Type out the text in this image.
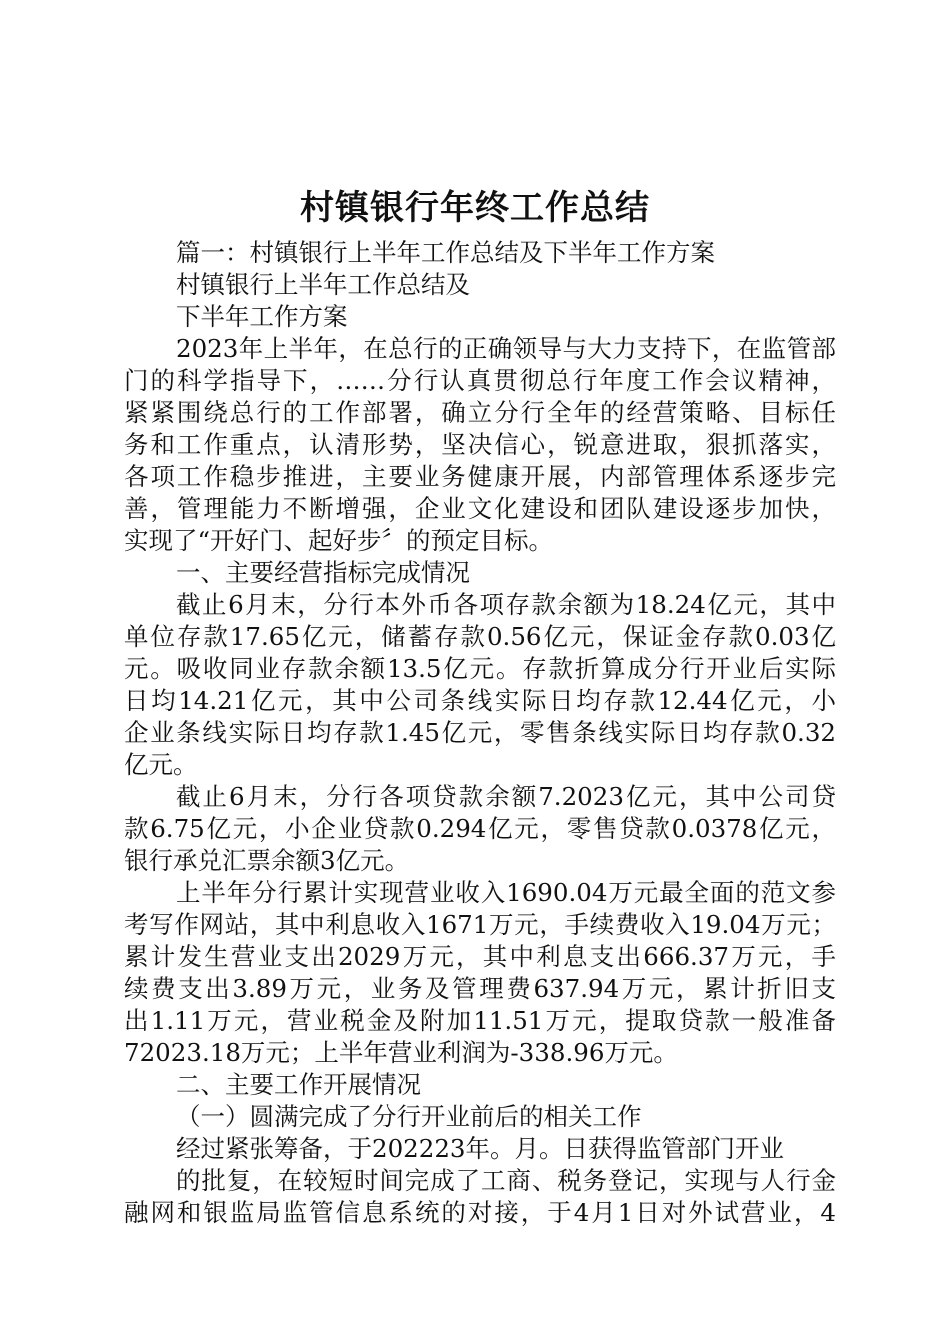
村镇银行年终工作总结
篇一：村镇银行上半年工作总结及下半年工作方案
村镇银行上半年工作总结及
下半年工作方案
2023年上半年，在总行的正确领导与大力支持下，在监管部
门的科学指导下，……分行认真贯彻总行年度工作会议精神，
紧紧围绕总行的工作部署，确立分行全年的经营策略、目标任
务和工作重点，认清形势，坚决信心，锐意进取，狠抓落实，
各项工作稳步推进，主要业务健康开展，内部管理体系逐步完
善，管理能力不断增强，企业文化建设和团队建设逐步加快，
实现了“开好门、起好步〞的预定目标。
一、主要经营指标完成情况
截止6月末，分行本外币各项存款余额为18.24亿元，其中
单位存款17.65亿元，储蓄存款0.56亿元，保证金存款0.03亿
元。吸收同业存款余额13.5亿元。存款折算成分行开业后实际
日均14.21亿元，其中公司条线实际日均存款12.44亿元，小
企业条线实际日均存款1.45亿元，零售条线实际日均存款0.32
亿元。
截止6月末，分行各项贷款余额7.2023亿元，其中公司贷
款6.75亿元，小企业贷款0.294亿元，零售贷款0.0378亿元，
银行承兑汇票余额3亿元。
上半年分行累计实现营业收入1690.04万元最全面的范文参
考写作网站，其中利息收入1671万元，手续费收入19.04万元；
累计发生营业支出2029万元，其中利息支出666.37万元，手
续费支出3.89万元，业务及管理费637.94万元，累计折旧支
出1.11万元，营业税金及附加11.51万元，提取贷款一般准备
72023.18万元；上半年营业利润为-338.96万元。
二、主要工作开展情况
（一）圆满完成了分行开业前后的相关工作
经过紧张筹备，于202223年。月。日获得监管部门开业
的批复，在较短时间完成了工商、税务登记，实现与人行金
融网和银监局监管信息系统的对接，于4月1日对外试营业，4
